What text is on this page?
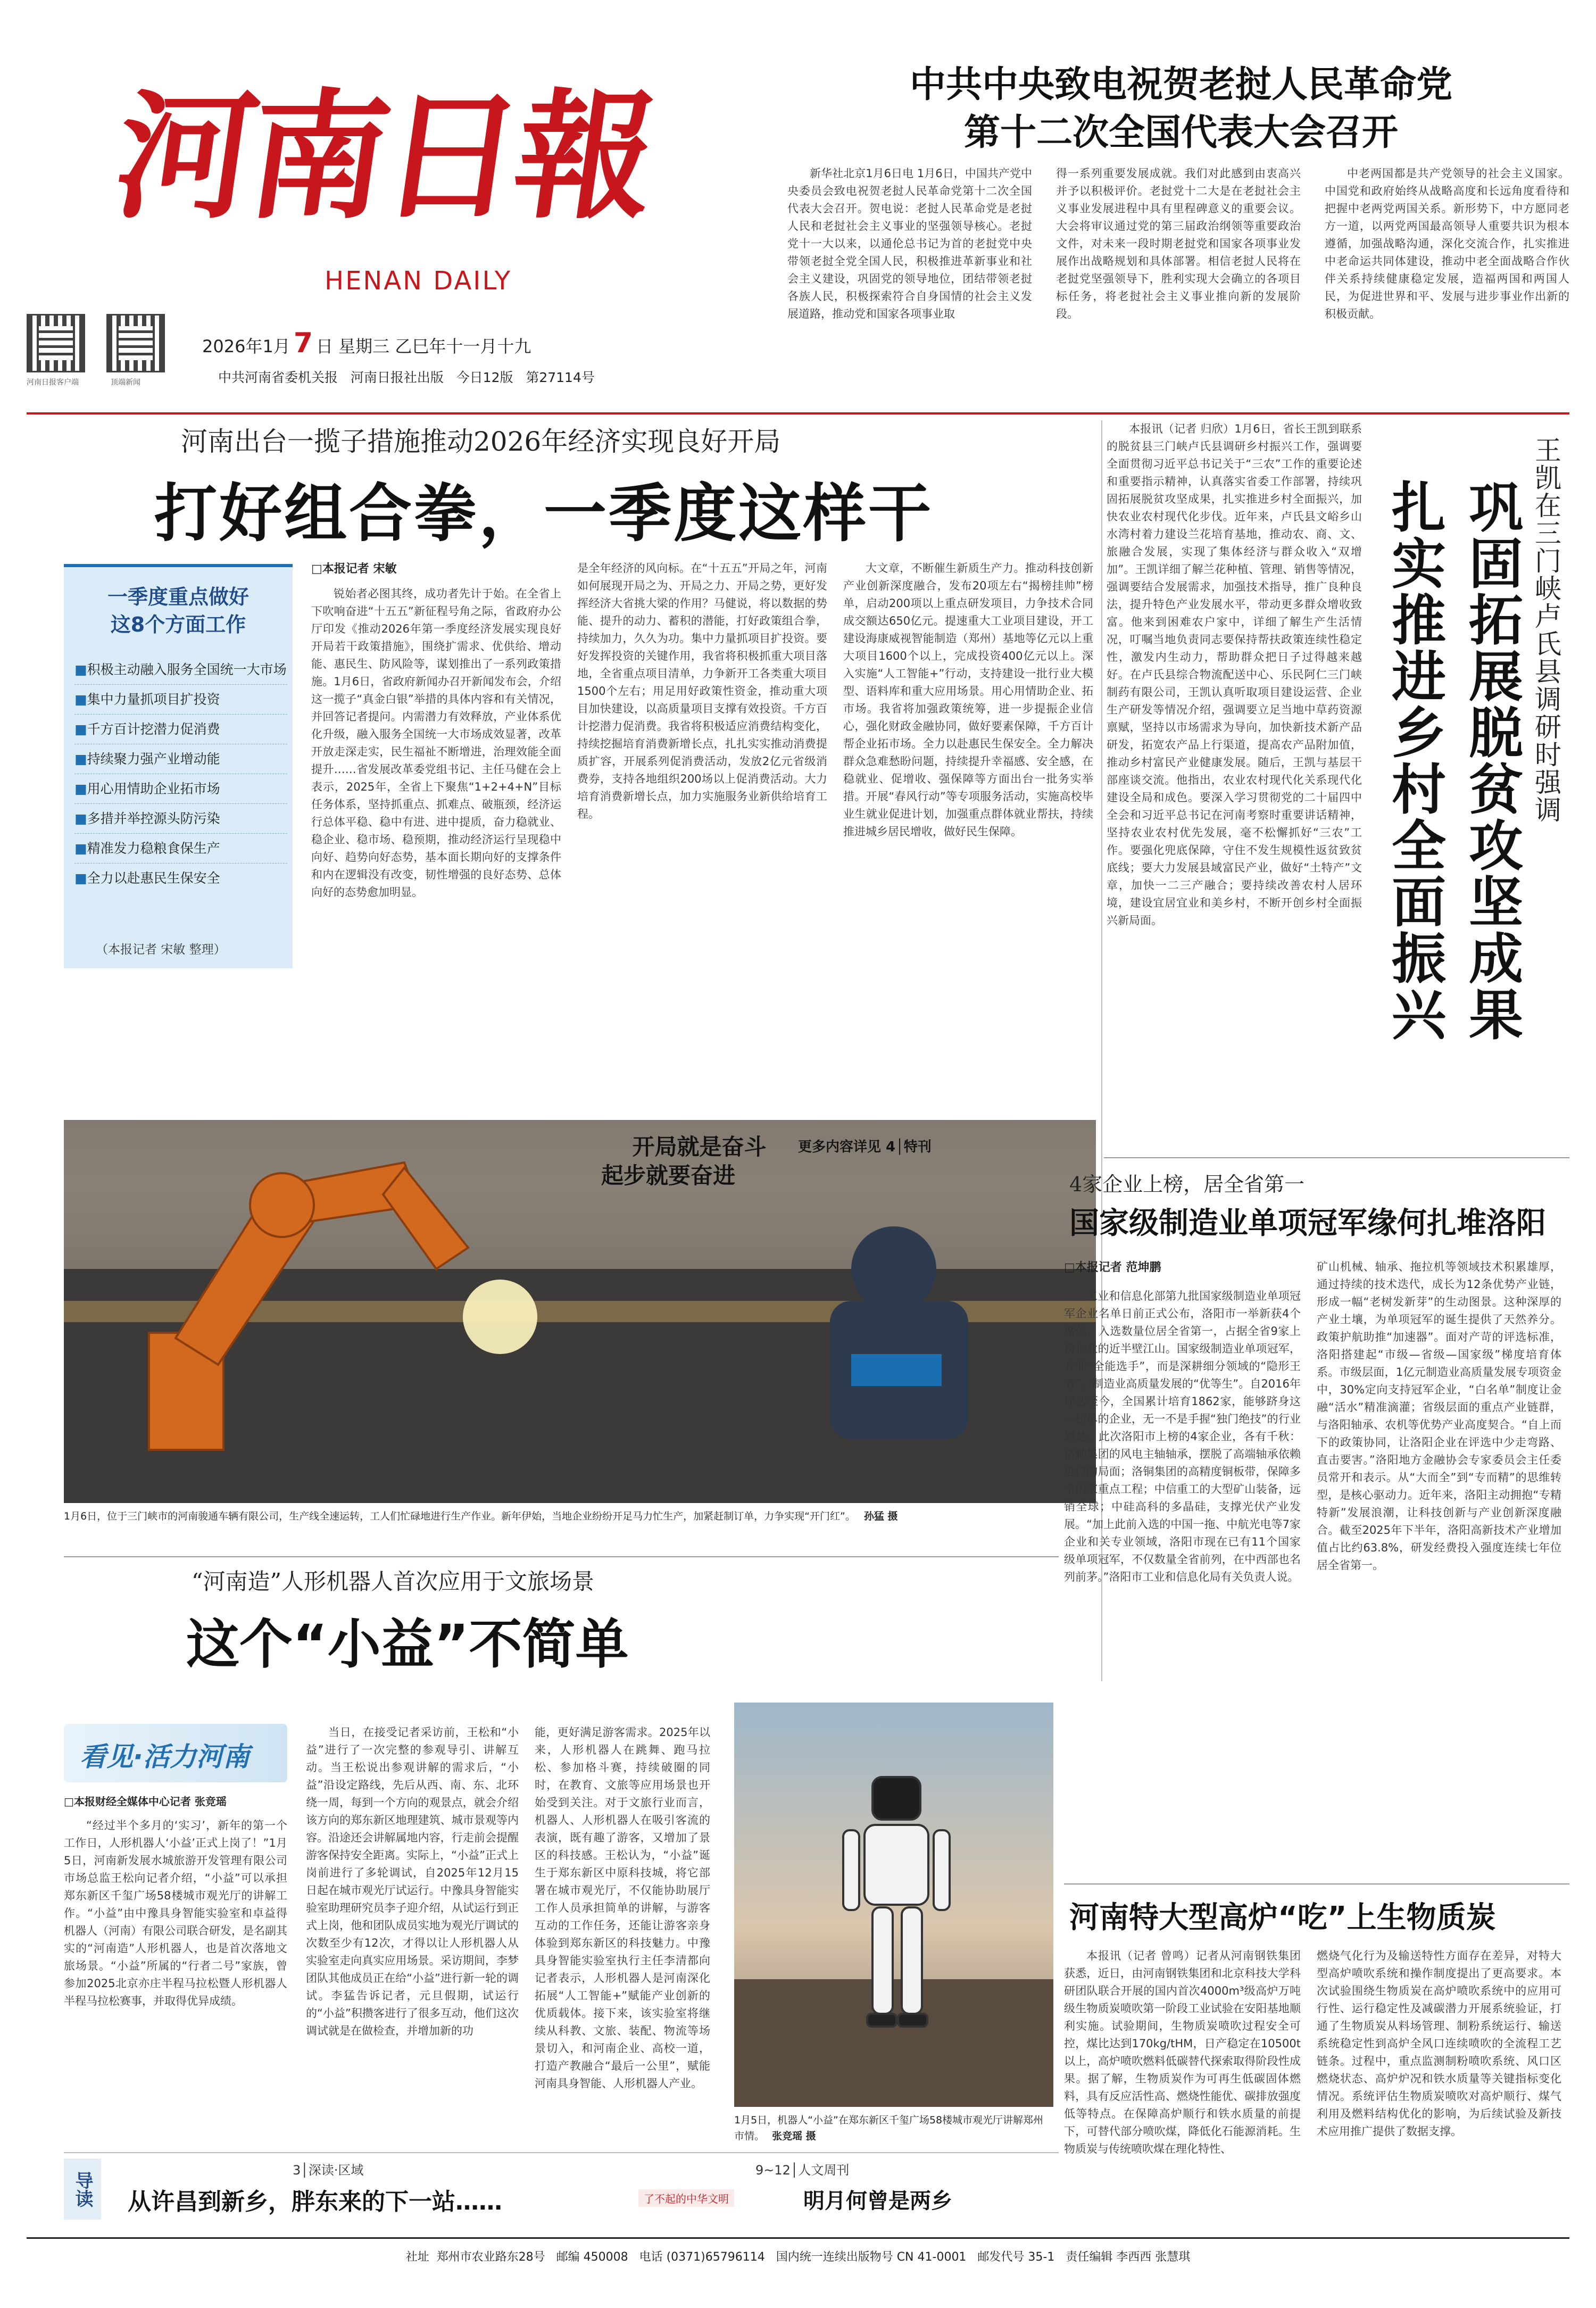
河南日報
HENAN DAILY
河南日报客户端	顶端新闻
2026年1月 7 日 星期三 乙巳年十一月十九
中共河南省委机关报   河南日报社出版   今日12版   第27114号
中共中央致电祝贺老挝人民革命党
第十二次全国代表大会召开
新华社北京1月6日电 1月6日，中国共产党中央委员会致电祝贺老挝人民革命党第十二次全国代表大会召开。贺电说：老挝人民革命党是老挝人民和老挝社会主义事业的坚强领导核心。老挝党十一大以来，以通伦总书记为首的老挝党中央带领老挝全党全国人民，积极推进革新事业和社会主义建设，巩固党的领导地位，团结带领老挝各族人民，积极探索符合自身国情的社会主义发展道路，推动党和国家各项事业取
得一系列重要发展成就。我们对此感到由衷高兴并予以积极评价。老挝党十二大是在老挝社会主义事业发展进程中具有里程碑意义的重要会议。大会将审议通过党的第三届政治纲领等重要政治文件，对未来一段时期老挝党和国家各项事业发展作出战略规划和具体部署。相信老挝人民将在老挝党坚强领导下，胜利实现大会确立的各项目标任务，将老挝社会主义事业推向新的发展阶段。
中老两国都是共产党领导的社会主义国家。中国党和政府始终从战略高度和长远角度看待和把握中老两党两国关系。新形势下，中方愿同老方一道，以两党两国最高领导人重要共识为根本遵循，加强战略沟通，深化交流合作，扎实推进中老命运共同体建设，推动中老全面战略合作伙伴关系持续健康稳定发展，造福两国和两国人民，为促进世界和平、发展与进步事业作出新的积极贡献。
河南出台一揽子措施推动2026年经济实现良好开局
打好组合拳，一季度这样干
一季度重点做好
这8个方面工作
■积极主动融入服务全国统一大市场
■集中力量抓项目扩投资
■千方百计挖潜力促消费
■持续聚力强产业增动能
■用心用情助企业拓市场
■多措并举控源头防污染
■精准发力稳粮食保生产
■全力以赴惠民生保安全
（本报记者 宋敏 整理）
□本报记者 宋敏
锐始者必图其终，成功者先计于始。在全省上下吹响奋进“十五五”新征程号角之际，省政府办公厅印发《推动2026年第一季度经济发展实现良好开局若干政策措施》，围绕扩需求、优供给、增动能、惠民生、防风险等，谋划推出了一系列政策措施。1月6日，省政府新闻办召开新闻发布会，介绍这一揽子“真金白银”举措的具体内容和有关情况，并回答记者提问。内需潜力有效释放，产业体系优化升级，融入服务全国统一大市场成效显著，改革开放走深走实，民生福祉不断增进，治理效能全面提升……省发展改革委党组书记、主任马健在会上表示，2025年，全省上下聚焦“1+2+4+N”目标任务体系，坚持抓重点、抓难点、破瓶颈，经济运行总体平稳、稳中有进、进中提质，奋力稳就业、稳企业、稳市场、稳预期，推动经济运行呈现稳中向好、趋势向好态势，基本面长期向好的支撑条件和内在逻辑没有改变，韧性增强的良好态势、总体向好的态势愈加明显。
是全年经济的风向标。在“十五五”开局之年，河南如何展现开局之为、开局之力、开局之势，更好发挥经济大省挑大梁的作用？马健说，将以数据的势能、提升的动力、蓄积的潜能，打好政策组合拳，持续加力，久久为功。集中力量抓项目扩投资。要好发挥投资的关键作用，我省将积极抓重大项目落地，全省重点项目清单，力争新开工各类重大项目1500个左右；用足用好政策性资金，推动重大项目加快建设，以高质量项目支撑有效投资。千方百计挖潜力促消费。我省将积极适应消费结构变化，持续挖掘培育消费新增长点，扎扎实实推动消费提质扩容，开展系列促消费活动，发放2亿元省级消费券，支持各地组织200场以上促消费活动。大力培育消费新增长点，加力实施服务业新供给培育工程。
大文章，不断催生新质生产力。推动科技创新产业创新深度融合，发布20项左右“揭榜挂帅”榜单，启动200项以上重点研发项目，力争技术合同成交额达650亿元。提速重大工业项目建设，开工建设海康威视智能制造（郑州）基地等亿元以上重大项目1600个以上，完成投资400亿元以上。深入实施“人工智能+”行动，支持建设一批行业大模型、语料库和重大应用场景。用心用情助企业、拓市场。我省将加强政策统筹，进一步提振企业信心，强化财政金融协同，做好要素保障，千方百计帮企业拓市场。全力以赴惠民生保安全。全力解决群众急难愁盼问题，持续提升幸福感、安全感，在稳就业、促增收、强保障等方面出台一批务实举措。开展“春风行动”等专项服务活动，实施高校毕业生就业促进计划，加强重点群体就业帮扶，持续推进城乡居民增收，做好民生保障。

开局就是奋斗
起步就要奋进

更多内容详见 4│特刊
1月6日，位于三门峡市的河南骏通车辆有限公司，生产线全速运转，工人们忙碌地进行生产作业。新年伊始，当地企业纷纷开足马力忙生产，加紧赶制订单，力争实现“开门红”。 孙猛 摄
本报讯（记者 归欣）1月6日，省长王凯到联系的脱贫县三门峡卢氏县调研乡村振兴工作，强调要全面贯彻习近平总书记关于“三农”工作的重要论述和重要指示精神，认真落实省委工作部署，持续巩固拓展脱贫攻坚成果，扎实推进乡村全面振兴，加快农业农村现代化步伐。近年来，卢氏县文峪乡山水湾村着力建设兰花培育基地，推动农、商、文、旅融合发展，实现了集体经济与群众收入“双增加”。王凯详细了解兰花种植、管理、销售等情况，强调要结合发展需求，加强技术指导，推广良种良法，提升特色产业发展水平，带动更多群众增收致富。他来到困难农户家中，详细了解生产生活情况，叮嘱当地负责同志要保持帮扶政策连续性稳定性，激发内生动力，帮助群众把日子过得越来越好。在卢氏县综合物流配送中心、乐民阿仁三门峡制药有限公司，王凯认真听取项目建设运营、企业生产研发等情况介绍，强调要立足当地中草药资源禀赋，坚持以市场需求为导向，加快新技术新产品研发，拓宽农产品上行渠道，提高农产品附加值，推动乡村富民产业健康发展。随后，王凯与基层干部座谈交流。他指出，农业农村现代化关系现代化建设全局和成色。要深入学习贯彻党的二十届四中全会和习近平总书记在河南考察时重要讲话精神，坚持农业农村优先发展，毫不松懈抓好“三农”工作。要强化兜底保障，守住不发生规模性返贫致贫底线；要大力发展县域富民产业，做好“土特产”文章，加快一二三产融合；要持续改善农村人居环境，建设宜居宜业和美乡村，不断开创乡村全面振兴新局面。
王凯在三门峡卢氏县调研时强调
巩固拓展脱贫攻坚成果
扎实推进乡村全面振兴
4家企业上榜，居全省第一
国家级制造业单项冠军缘何扎堆洛阳
□本报记者 范坤鹏
工业和信息化部第九批国家级制造业单项冠军企业名单日前正式公布，洛阳市一举新获4个席位，入选数量位居全省第一，占据全省9家上榜企业的近半壁江山。国家级制造业单项冠军，并非“全能选手”，而是深耕细分领域的“隐形王者”，制造业高质量发展的“优等生”。自2016年评选至今，全国累计培育1862家，能够跻身这一榜单的企业，无一不是手握“独门绝技”的行业翘楚。此次洛阳市上榜的4家企业，各有千秋：洛轴集团的风电主轴轴承，摆脱了高端轴承依赖进口的局面；洛铜集团的高精度铜板带，保障多个国家重点工程；中信重工的大型矿山装备，远销全球；中硅高科的多晶硅，支撑光伏产业发展。“加上此前入选的中国一拖、中航光电等7家企业和关专业领域，洛阳市现在已有11个国家级单项冠军，不仅数量全省前列，在中西部也名列前茅。”洛阳市工业和信息化局有关负责人说。
矿山机械、轴承、拖拉机等领域技术积累雄厚，通过持续的技术迭代，成长为12条优势产业链，形成一幅“老树发新芽”的生动图景。这种深厚的产业土壤，为单项冠军的诞生提供了天然养分。政策护航助推“加速器”。面对产苛的评选标准，洛阳搭建起“市级—省级—国家级”梯度培育体系。市级层面，1亿元制造业高质量发展专项资金中，30%定向支持冠军企业，“白名单”制度让金融“活水”精准滴灌；省级层面的重点产业链群，与洛阳轴承、农机等优势产业高度契合。“自上而下的政策协同，让洛阳企业在评选中少走弯路、直击要害。”洛阳地方金融协会专家委员会主任委员常开和表示。从“大而全”到“专而精”的思维转型，是核心驱动力。近年来，洛阳主动拥抱“专精特新”发展浪潮，让科技创新与产业创新深度融合。截至2025年下半年，洛阳高新技术产业增加值占比约63.8%，研发经费投入强度连续七年位居全省第一。
河南特大型高炉“吃”上生物质炭
本报讯（记者 曾鸣）记者从河南钢铁集团获悉，近日，由河南钢铁集团和北京科技大学科研团队联合开展的国内首次4000m³级高炉万吨级生物质炭喷吹第一阶段工业试验在安阳基地顺利实施。试验期间，生物质炭喷吹过程安全可控，煤比达到170kg/tHM，日产稳定在10500t以上，高炉喷吹燃料低碳替代探索取得阶段性成果。据了解，生物质炭作为可再生低碳固体燃料，具有反应活性高、燃烧性能优、碳排放强度低等特点。在保障高炉顺行和铁水质量的前提下，可替代部分喷吹煤，降低化石能源消耗。生物质炭与传统喷吹煤在理化特性、
燃烧气化行为及输送特性方面存在差异，对特大型高炉喷吹系统和操作制度提出了更高要求。本次试验围绕生物质炭在高炉喷吹系统中的应用可行性、运行稳定性及减碳潜力开展系统验证，打通了生物质炭从料场管理、制粉系统运行、输送系统稳定性到高炉全风口连续喷吹的全流程工艺链条。过程中，重点监测制粉喷吹系统、风口区燃烧状态、高炉炉况和铁水质量等关键指标变化情况。系统评估生物质炭喷吹对高炉顺行、煤气利用及燃料结构优化的影响，为后续试验及新技术应用推广提供了数据支撑。
“河南造”人形机器人首次应用于文旅场景
这个“小益”不简单
看见·活力河南
□本报财经全媒体中心记者 张竞瑶
“经过半个多月的‘实习’，新年的第一个工作日，人形机器人‘小益’正式上岗了！”1月5日，河南新发展水城旅游开发管理有限公司市场总监王松向记者介绍，“小益”可以承担郑东新区千玺广场58楼城市观光厅的讲解工作。“小益”由中豫具身智能实验室和卓益得机器人（河南）有限公司联合研发，是名副其实的“河南造”人形机器人，也是首次落地文旅场景。“小益”所属的“行者二号”家族，曾参加2025北京亦庄半程马拉松暨人形机器人半程马拉松赛事，并取得优异成绩。
当日，在接受记者采访前，王松和“小益”进行了一次完整的参观导引、讲解互动。当王松说出参观讲解的需求后，“小益”沿设定路线，先后从西、南、东、北环绕一周，每到一个方向的观景点，就会介绍该方向的郑东新区地理建筑、城市景观等内容。沿途还会讲解属地内容，行走前会提醒游客保持安全距离。实际上，“小益”正式上岗前进行了多轮调试，自2025年12月15日起在城市观光厅试运行。中豫具身智能实验室助理研究员李子迎介绍，从试运行到正式上岗，他和团队成员实地为观光厅调试的次数至少有12次，才得以让人形机器人从实验室走向真实应用场景。采访期间，李梦团队其他成员正在给“小益”进行新一轮的调试。李猛告诉记者，元旦假期，试运行的“小益”积攒客进行了很多互动，他们这次调试就是在做检查，并增加新的功
能，更好满足游客需求。2025年以来，人形机器人在跳舞、跑马拉松、参加格斗赛，持续破圈的同时，在教育、文旅等应用场景也开始受到关注。对于文旅行业而言，机器人、人形机器人在吸引客流的表演，既有趣了游客，又增加了景区的科技感。王松认为，“小益”诞生于郑东新区中原科技城，将它部署在城市观光厅，不仅能协助展厅工作人员承担简单的讲解，与游客互动的工作任务，还能让游客亲身体验到郑东新区的科技魅力。中豫具身智能实验室执行主任李清都向记者表示，人形机器人是河南深化拓展“人工智能+”赋能产业创新的优质载体。接下来，该实验室将继续从科教、文旅、装配、物流等场景切入，和河南企业、高校一道，打造产教融合“最后一公里”，赋能河南具身智能、人形机器人产业。
1月5日，机器人“小益”在郑东新区千玺广场58楼城市观光厅讲解郑州市情。 张竞瑶 摄
导读
3│深读·区域
从许昌到新乡，胖东来的下一站……
9~12│人文周刊
了不起的中华文明	明月何曾是两乡
社址  郑州市农业路东28号   邮编 450008   电话 (0371)65796114   国内统一连续出版物号 CN 41-0001   邮发代号 35-1   责任编辑 李西西 张慧琪
